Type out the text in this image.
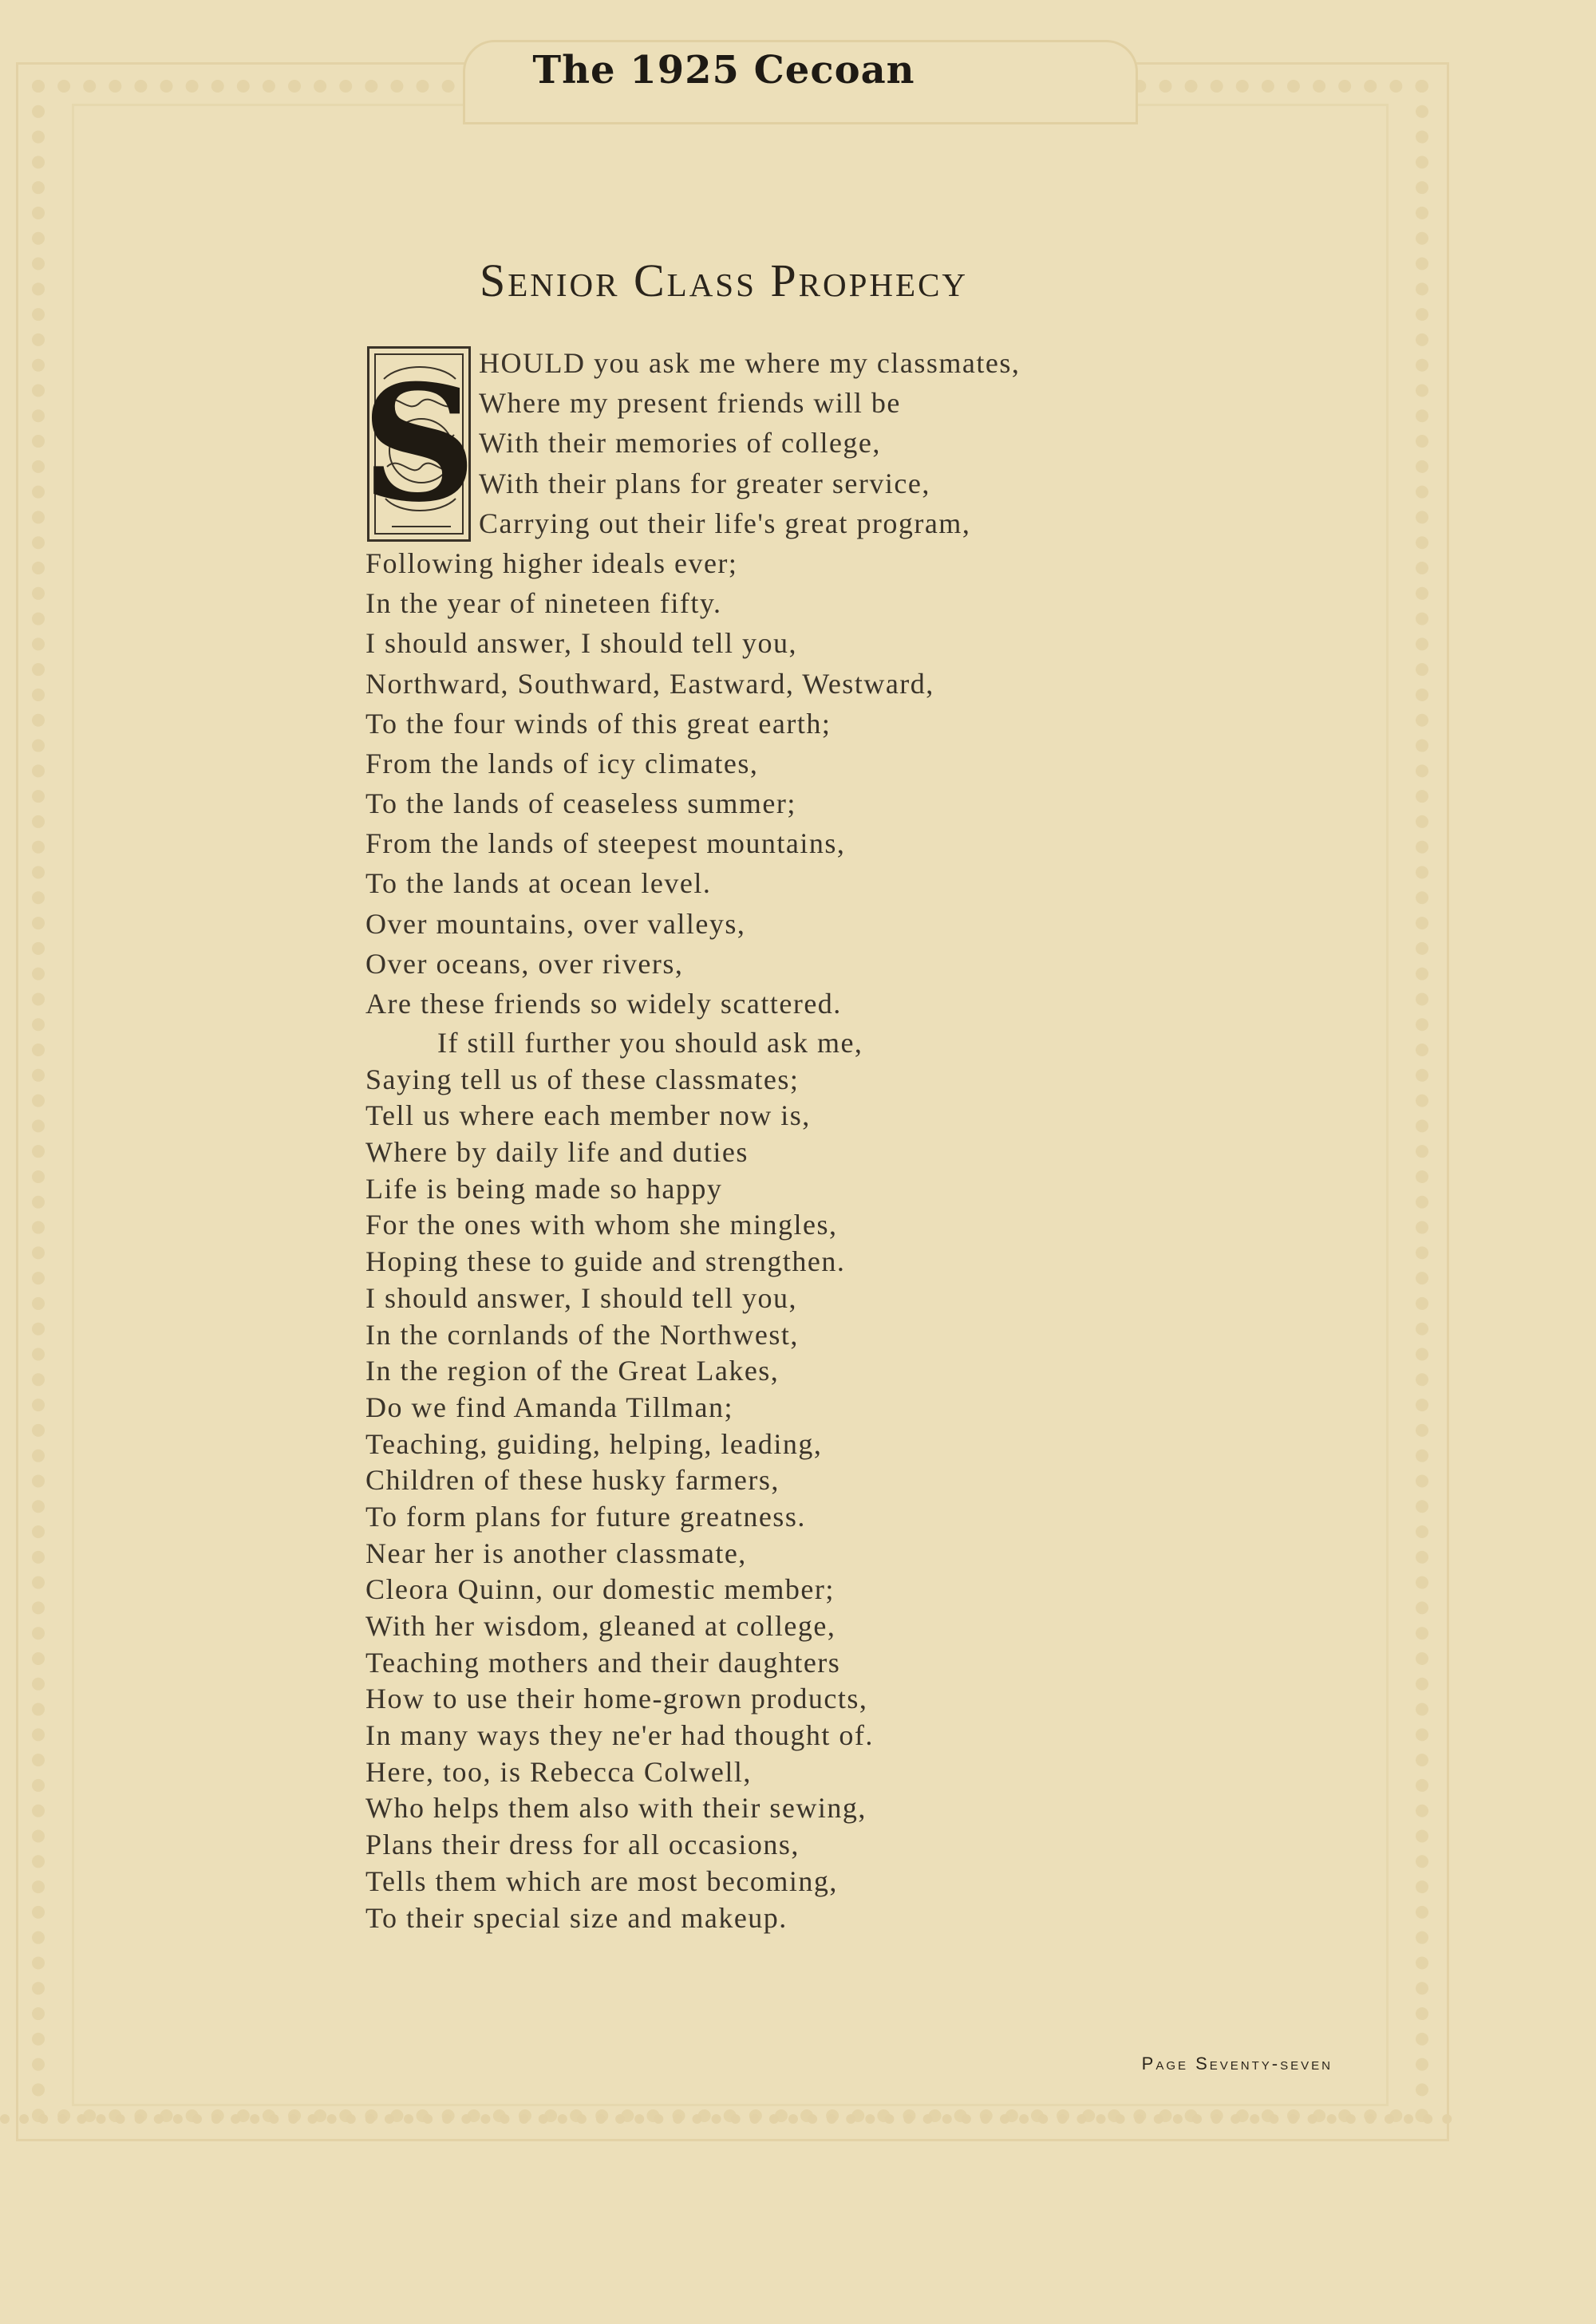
The 1925 Cecoan
Senior Class Prophecy
S HOULD you ask me where my classmates,
Where my present friends will be
With their memories of college,
With their plans for greater service,
Carrying out their life's great program,
Following higher ideals ever;
In the year of nineteen fifty.
I should answer, I should tell you,
Northward, Southward, Eastward, Westward,
To the four winds of this great earth;
From the lands of icy climates,
To the lands of ceaseless summer;
From the lands of steepest mountains,
To the lands at ocean level.
Over mountains, over valleys,
Over oceans, over rivers,
Are these friends so widely scattered.
If still further you should ask me,
Saying tell us of these classmates;
Tell us where each member now is,
Where by daily life and duties
Life is being made so happy
For the ones with whom she mingles,
Hoping these to guide and strengthen.
I should answer, I should tell you,
In the cornlands of the Northwest,
In the region of the Great Lakes,
Do we find Amanda Tillman;
Teaching, guiding, helping, leading,
Children of these husky farmers,
To form plans for future greatness.
Near her is another classmate,
Cleora Quinn, our domestic member;
With her wisdom, gleaned at college,
Teaching mothers and their daughters
How to use their home-grown products,
In many ways they ne'er had thought of.
Here, too, is Rebecca Colwell,
Who helps them also with their sewing,
Plans their dress for all occasions,
Tells them which are most becoming,
To their special size and makeup.
Page Seventy-seven
